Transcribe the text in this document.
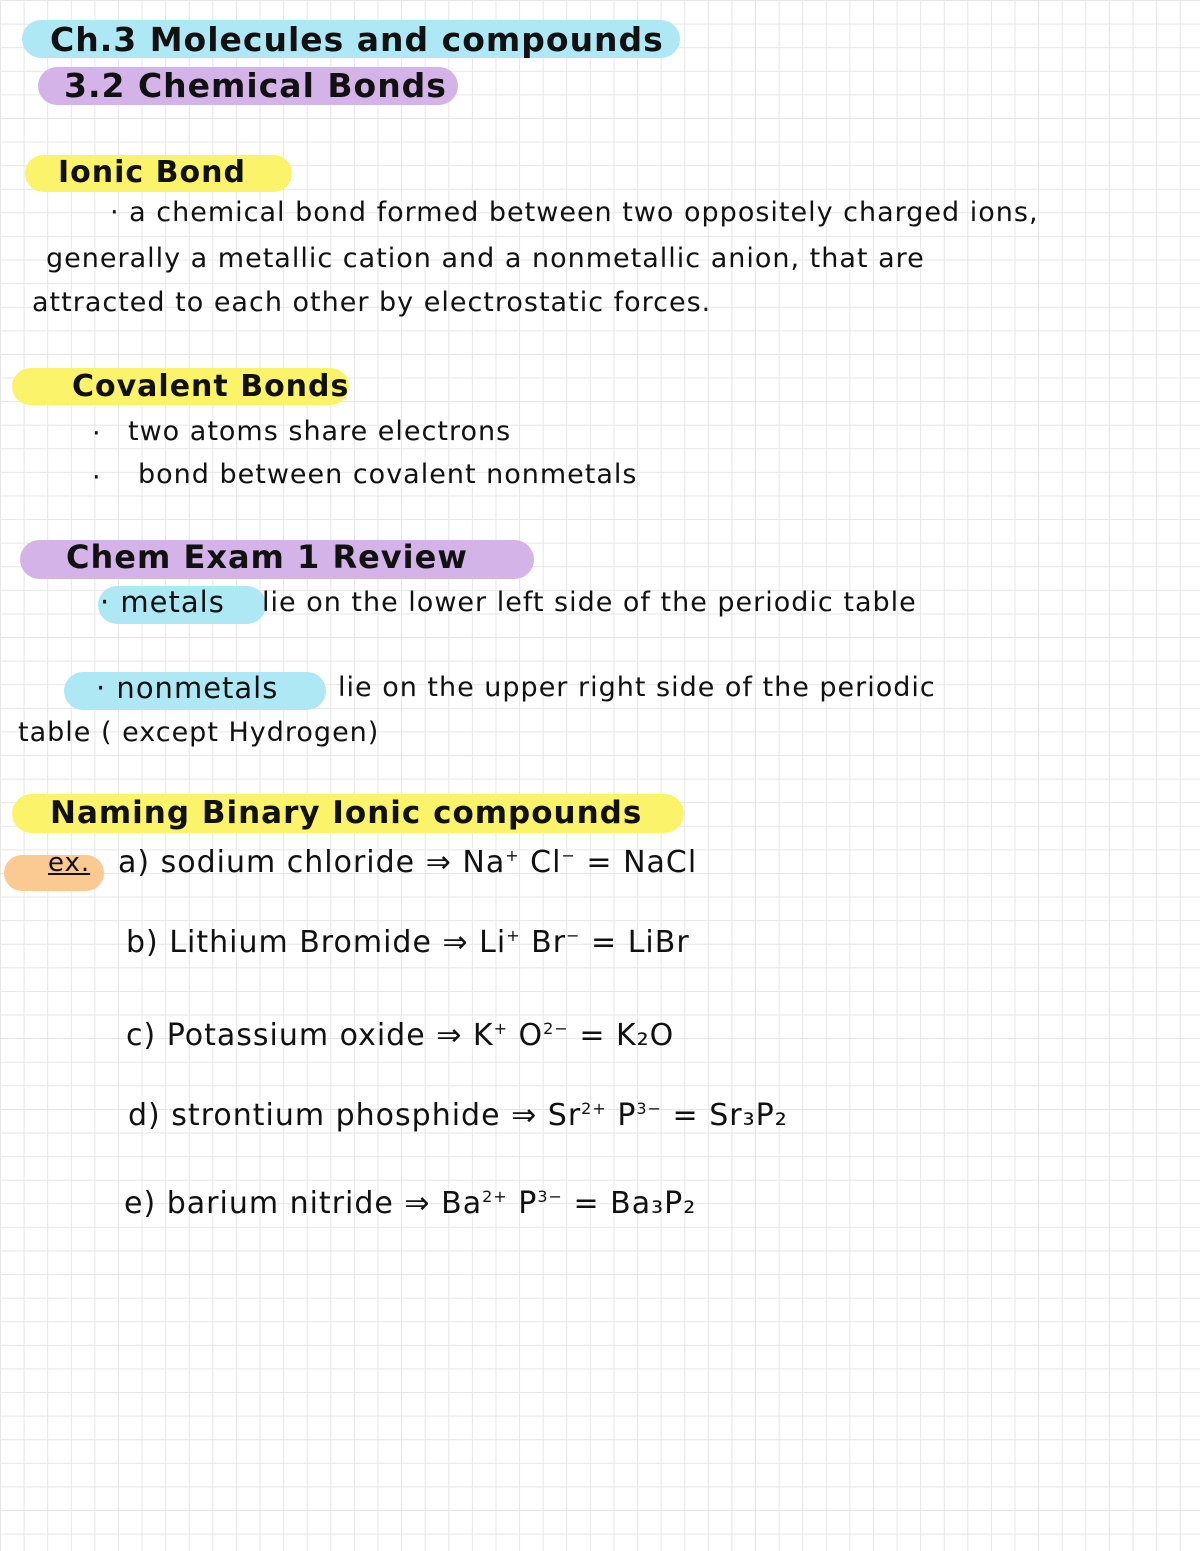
Ch.3 Molecules and compounds
3.2 Chemical Bonds
Ionic Bond
· a chemical bond formed between two oppositely charged ions,
generally a metallic cation and a nonmetallic anion, that are
attracted to each other by electrostatic forces.
Covalent Bonds
· two atoms share electrons
· bond between covalent nonmetals
Chem Exam 1 Review
· metals lie on the lower left side of the periodic table
· nonmetals lie on the upper right side of the periodic
table ( except Hydrogen)
Naming Binary Ionic compounds
ex. a) sodium chloride ⇒ Na+ Cl− = NaCl
b) Lithium Bromide ⇒ Li+ Br− = LiBr
c) Potassium oxide ⇒ K+ $O^{2-} = K_2O$
d) strontium phosphide ⇒ $Sr^{2+}$ $P^{3-} = Sr_3P_2$
e) barium nitride ⇒ $Ba^{2+}$ $P^{3-} = Ba_3P_2$
